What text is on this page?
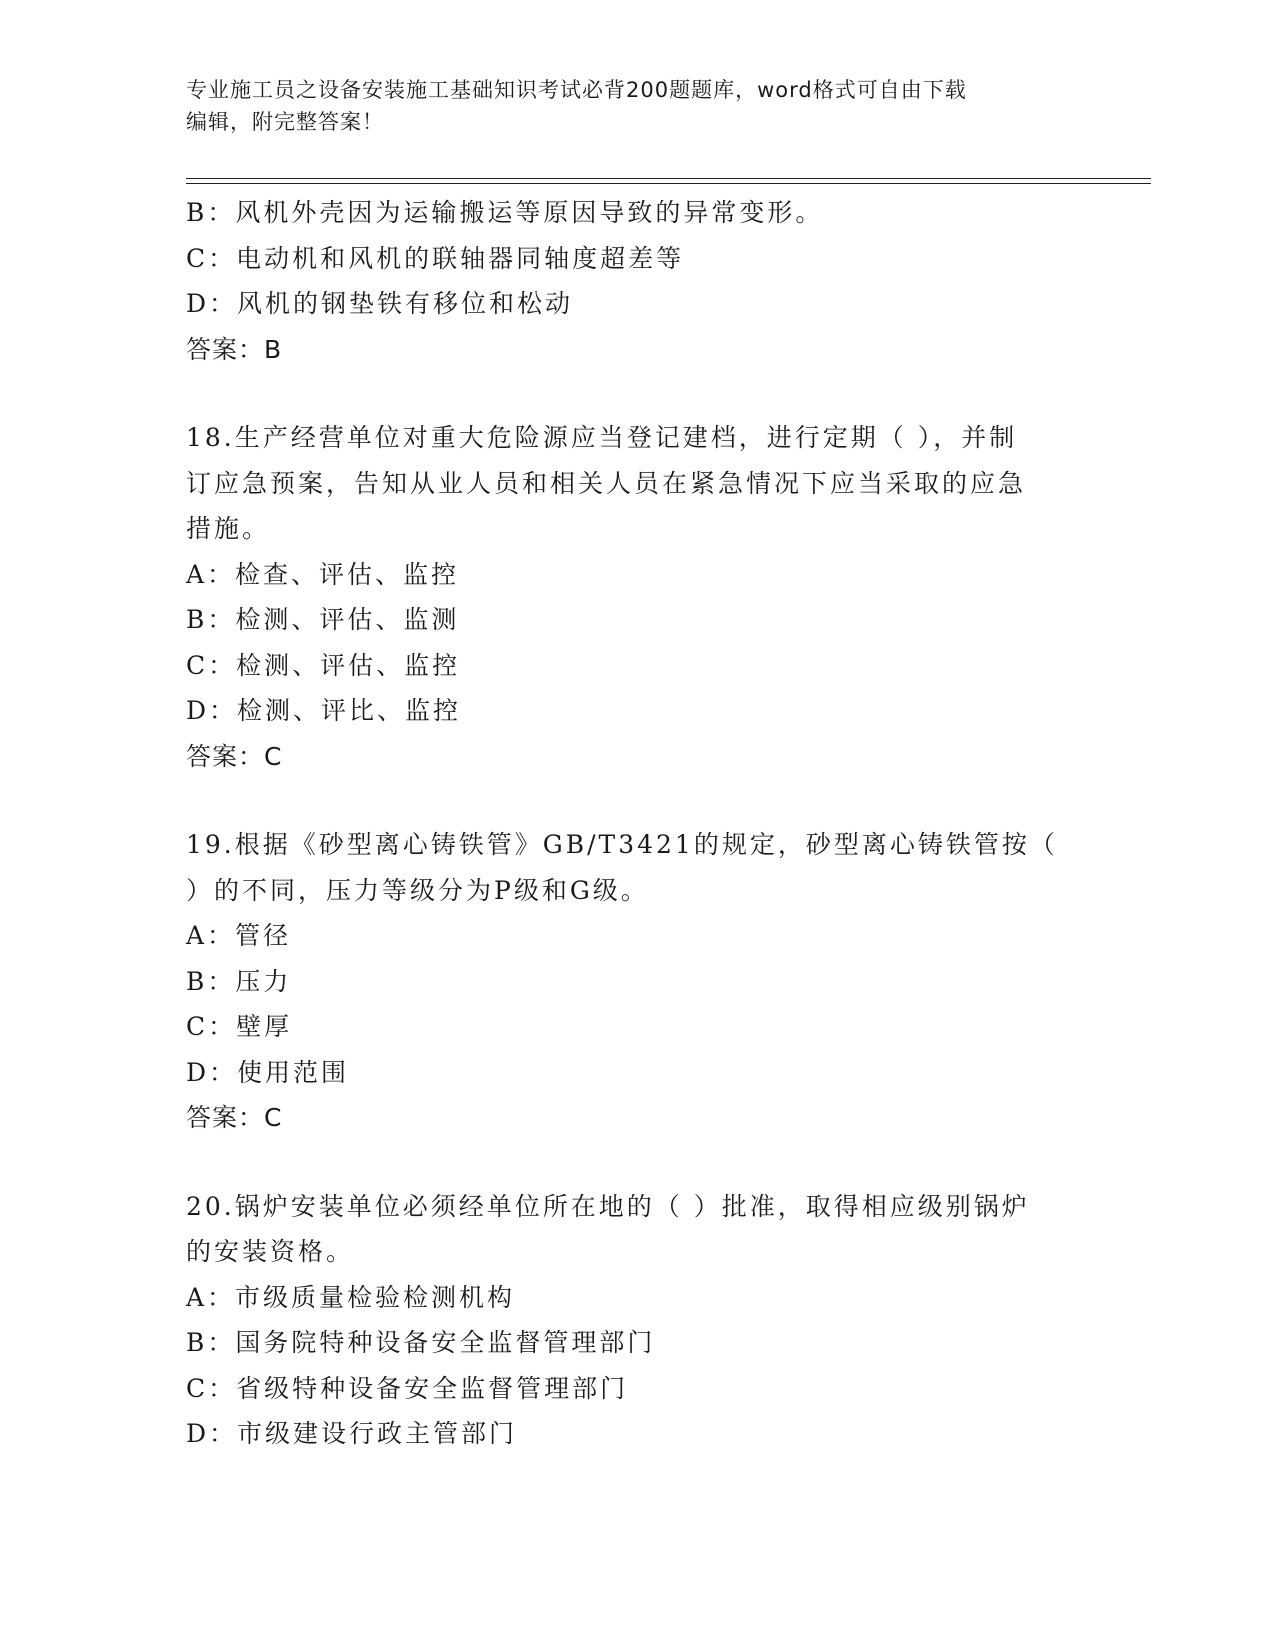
专业施工员之设备安装施工基础知识考试必背200题题库，word格式可自由下载
编辑，附完整答案！
B：风机外壳因为运输搬运等原因导致的异常变形。
C：电动机和风机的联轴器同轴度超差等
D：风机的钢垫铁有移位和松动
答案：B
18.生产经营单位对重大危险源应当登记建档，进行定期（ ），并制
订应急预案，告知从业人员和相关人员在紧急情况下应当采取的应急
措施。
A：检查、评估、监控
B：检测、评估、监测
C：检测、评估、监控
D：检测、评比、监控
答案：C
19.根据《砂型离心铸铁管》GB/T3421的规定，砂型离心铸铁管按（
）的不同，压力等级分为P级和G级。
A：管径
B：压力
C：壁厚
D：使用范围
答案：C
20.锅炉安装单位必须经单位所在地的（ ）批准，取得相应级别锅炉
的安装资格。
A：市级质量检验检测机构
B：国务院特种设备安全监督管理部门
C：省级特种设备安全监督管理部门
D：市级建设行政主管部门
